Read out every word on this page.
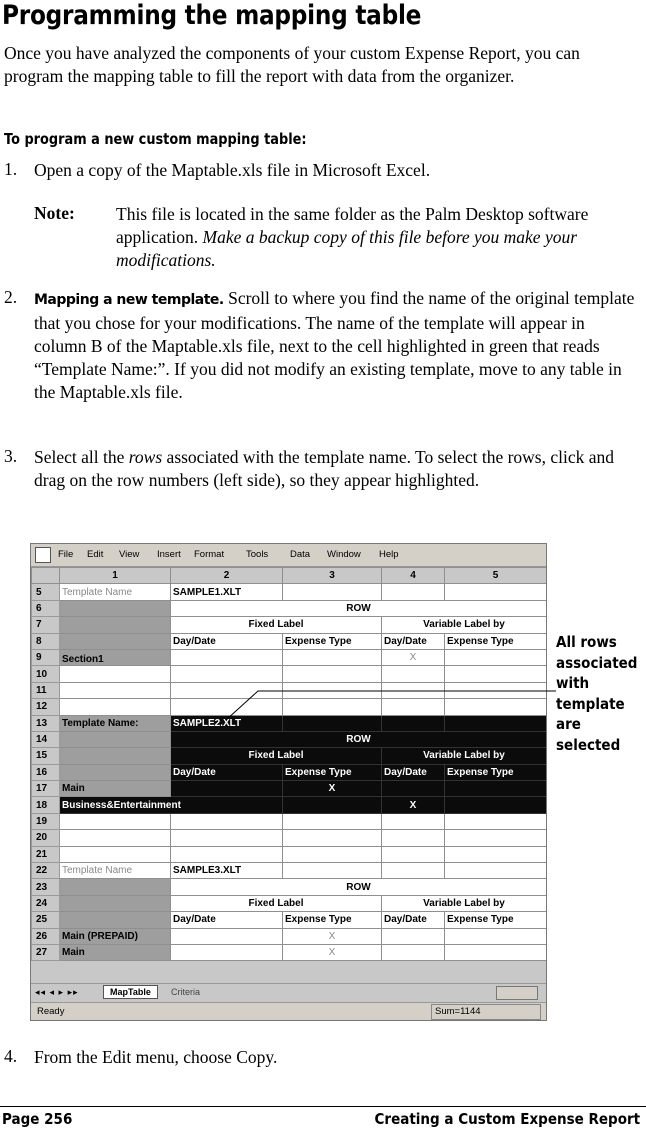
Programming the mapping table
Once you have analyzed the components of your custom Expense Report, you can program the mapping table to fill the report with data from the organizer.
To program a new custom mapping table:
1. Open a copy of the Maptable.xls file in Microsoft Excel.
Note: This file is located in the same folder as the Palm Desktop software application. Make a backup copy of this file before you make your modifications.
2. Mapping a new template. Scroll to where you find the name of the original template that you chose for your modifications. The name of the template will appear in column B of the Maptable.xls file, next to the cell highlighted in green that reads “Template Name:”. If you did not modify an existing template, move to any table in the Maptable.xls file.
3. Select all the rows associated with the template name. To select the rows, click and drag on the row numbers (left side), so they appear highlighted.
File Edit View Insert Format Tools Data Window Help
	1	2	3	4	5
5	Template Name	SAMPLE1.XLT			
6		ROW			
7		Fixed Label		Variable Label by	
8		Day/Date	Expense Type	Day/Date	Expense Type
9	Section1			X	
10					
11					
12					
13	Template Name:	SAMPLE2.XLT			
14		ROW			
15		Fixed Label		Variable Label by	
16		Day/Date	Expense Type	Day/Date	Expense Type
17	Main		X		
18	Business&Entertainment			X	
19					
20					
21					
22	Template Name	SAMPLE3.XLT			
23		ROW			
24		Fixed Label		Variable Label by	
25		Day/Date	Expense Type	Day/Date	Expense Type
26	Main (PREPAID)		X		
27	Main		X		
◂◂ ◂ ▸ ▸▸	MapTable	Criteria
Ready	Sum=1144
All rows associated with template are selected
4. From the Edit menu, choose Copy.
Page 256	Creating a Custom Expense Report
